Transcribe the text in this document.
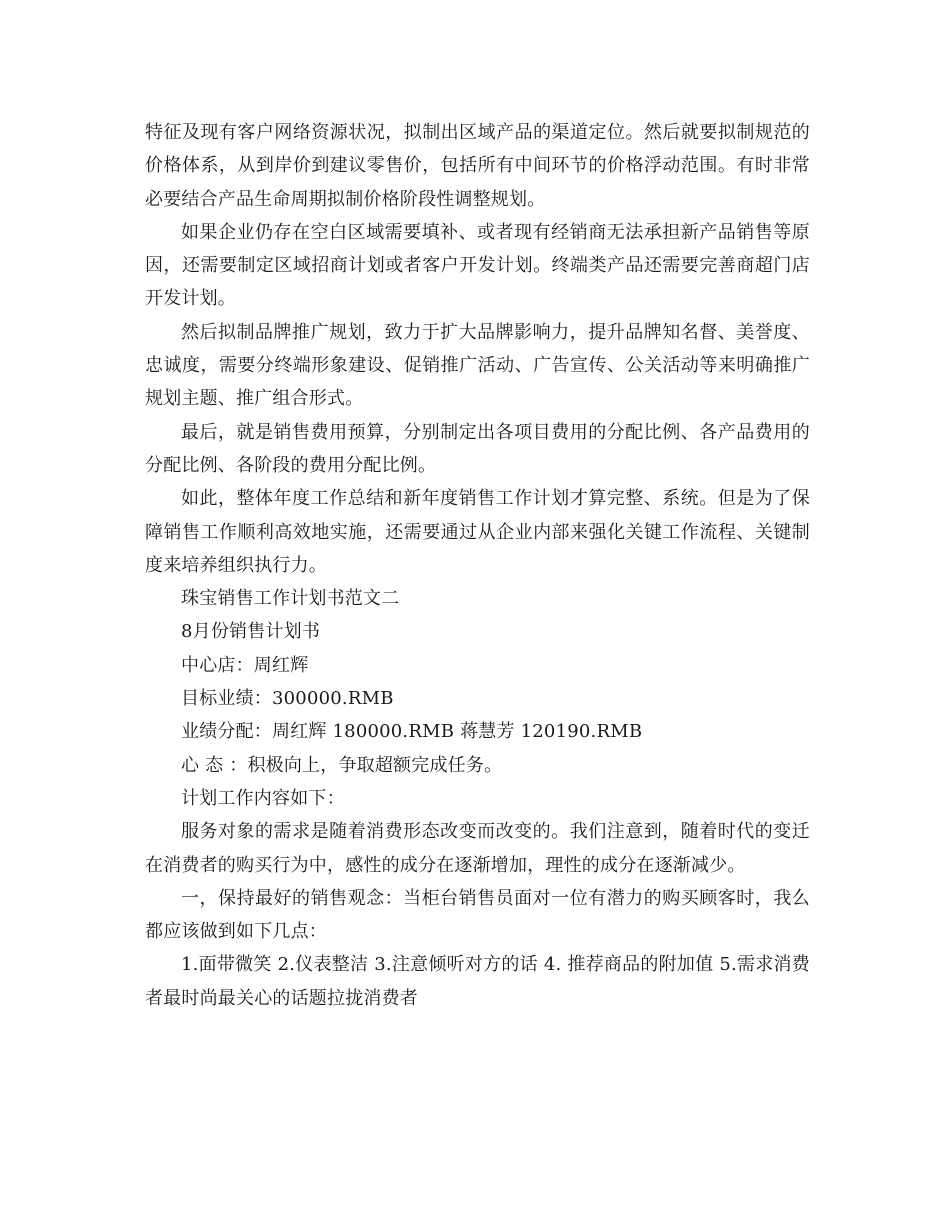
特征及现有客户网络资源状况，拟制出区域产品的渠道定位。然后就要拟制规范的价格体系，从到岸价到建议零售价，包括所有中间环节的价格浮动范围。有时非常必要结合产品生命周期拟制价格阶段性调整规划。

如果企业仍存在空白区域需要填补、或者现有经销商无法承担新产品销售等原因，还需要制定区域招商计划或者客户开发计划。终端类产品还需要完善商超门店开发计划。

然后拟制品牌推广规划，致力于扩大品牌影响力，提升品牌知名督、美誉度、忠诚度，需要分终端形象建设、促销推广活动、广告宣传、公关活动等来明确推广规划主题、推广组合形式。

最后，就是销售费用预算，分别制定出各项目费用的分配比例、各产品费用的分配比例、各阶段的费用分配比例。

如此，整体年度工作总结和新年度销售工作计划才算完整、系统。但是为了保障销售工作顺利高效地实施，还需要通过从企业内部来强化关键工作流程、关键制度来培养组织执行力。

珠宝销售工作计划书范文二

8月份销售计划书

中心店：周红辉

目标业绩：300000.RMB

业绩分配：周红辉 180000.RMB 蒋慧芳 120190.RMB

心 态 ：积极向上，争取超额完成任务。

计划工作内容如下：

服务对象的需求是随着消费形态改变而改变的。我们注意到，随着时代的变迁在消费者的购买行为中，感性的成分在逐渐增加，理性的成分在逐渐减少。

一，保持最好的销售观念：当柜台销售员面对一位有潜力的购买顾客时，我么都应该做到如下几点：

1.面带微笑 2.仪表整洁 3.注意倾听对方的话 4. 推荐商品的附加值 5.需求消费者最时尚最关心的话题拉拢消费者
